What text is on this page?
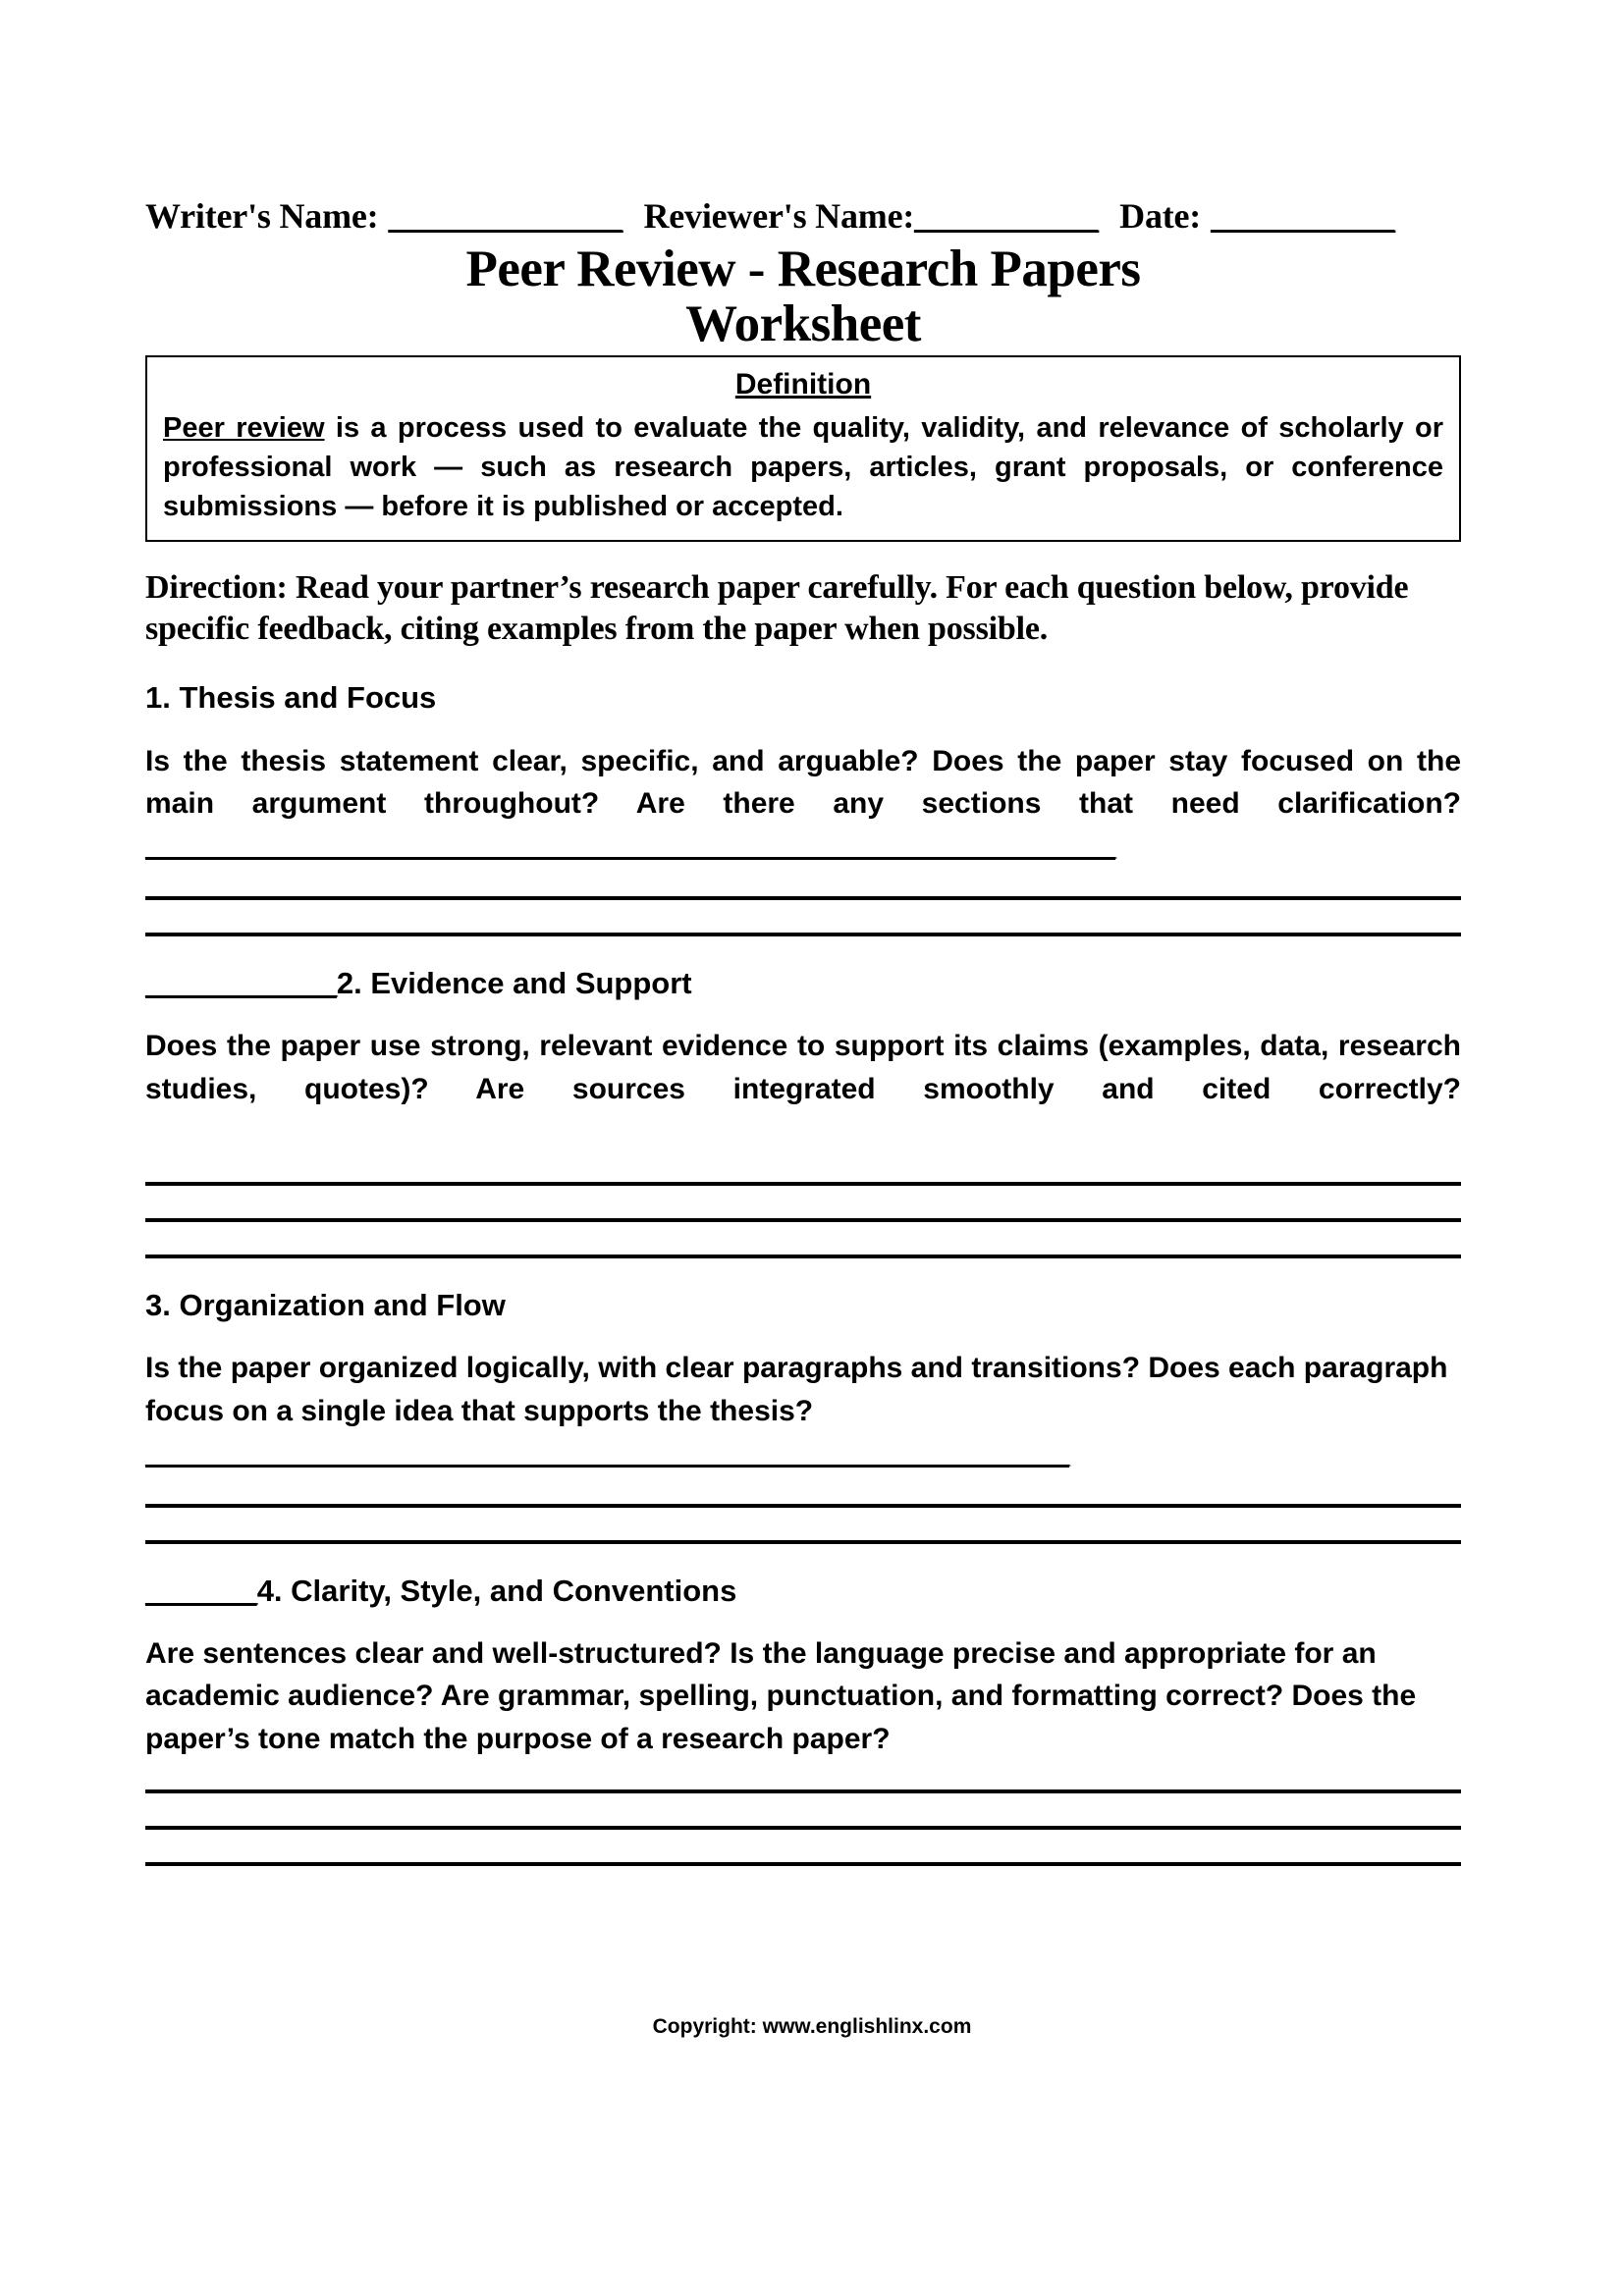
Writer's Name: ______________ Reviewer's Name:___________ Date: ___________
Peer Review - Research Papers
Worksheet
Definition

Peer review is a process used to evaluate the quality, validity, and relevance of scholarly or professional work — such as research papers, articles, grant proposals, or conference submissions — before it is published or accepted.

Direction: Read your partner’s research paper carefully. For each question below, provide specific feedback, citing examples from the paper when possible.

1. Thesis and Focus

Is the thesis statement clear, specific, and arguable? Does the paper stay focused on the main argument throughout? Are there any sections that need clarification?_______________________________________________________________

____________2. Evidence and Support

Does the paper use strong, relevant evidence to support its claims (examples, data, research studies, quotes)? Are sources integrated smoothly and cited correctly?

3. Organization and Flow

Is the paper organized logically, with clear paragraphs and transitions? Does each paragraph focus on a single idea that supports the thesis?____________________________________________________________

_______4. Clarity, Style, and Conventions

Are sentences clear and well-structured? Is the language precise and appropriate for an academic audience? Are grammar, spelling, punctuation, and formatting correct? Does the paper’s tone match the purpose of a research paper?

Copyright: www.englishlinx.com
